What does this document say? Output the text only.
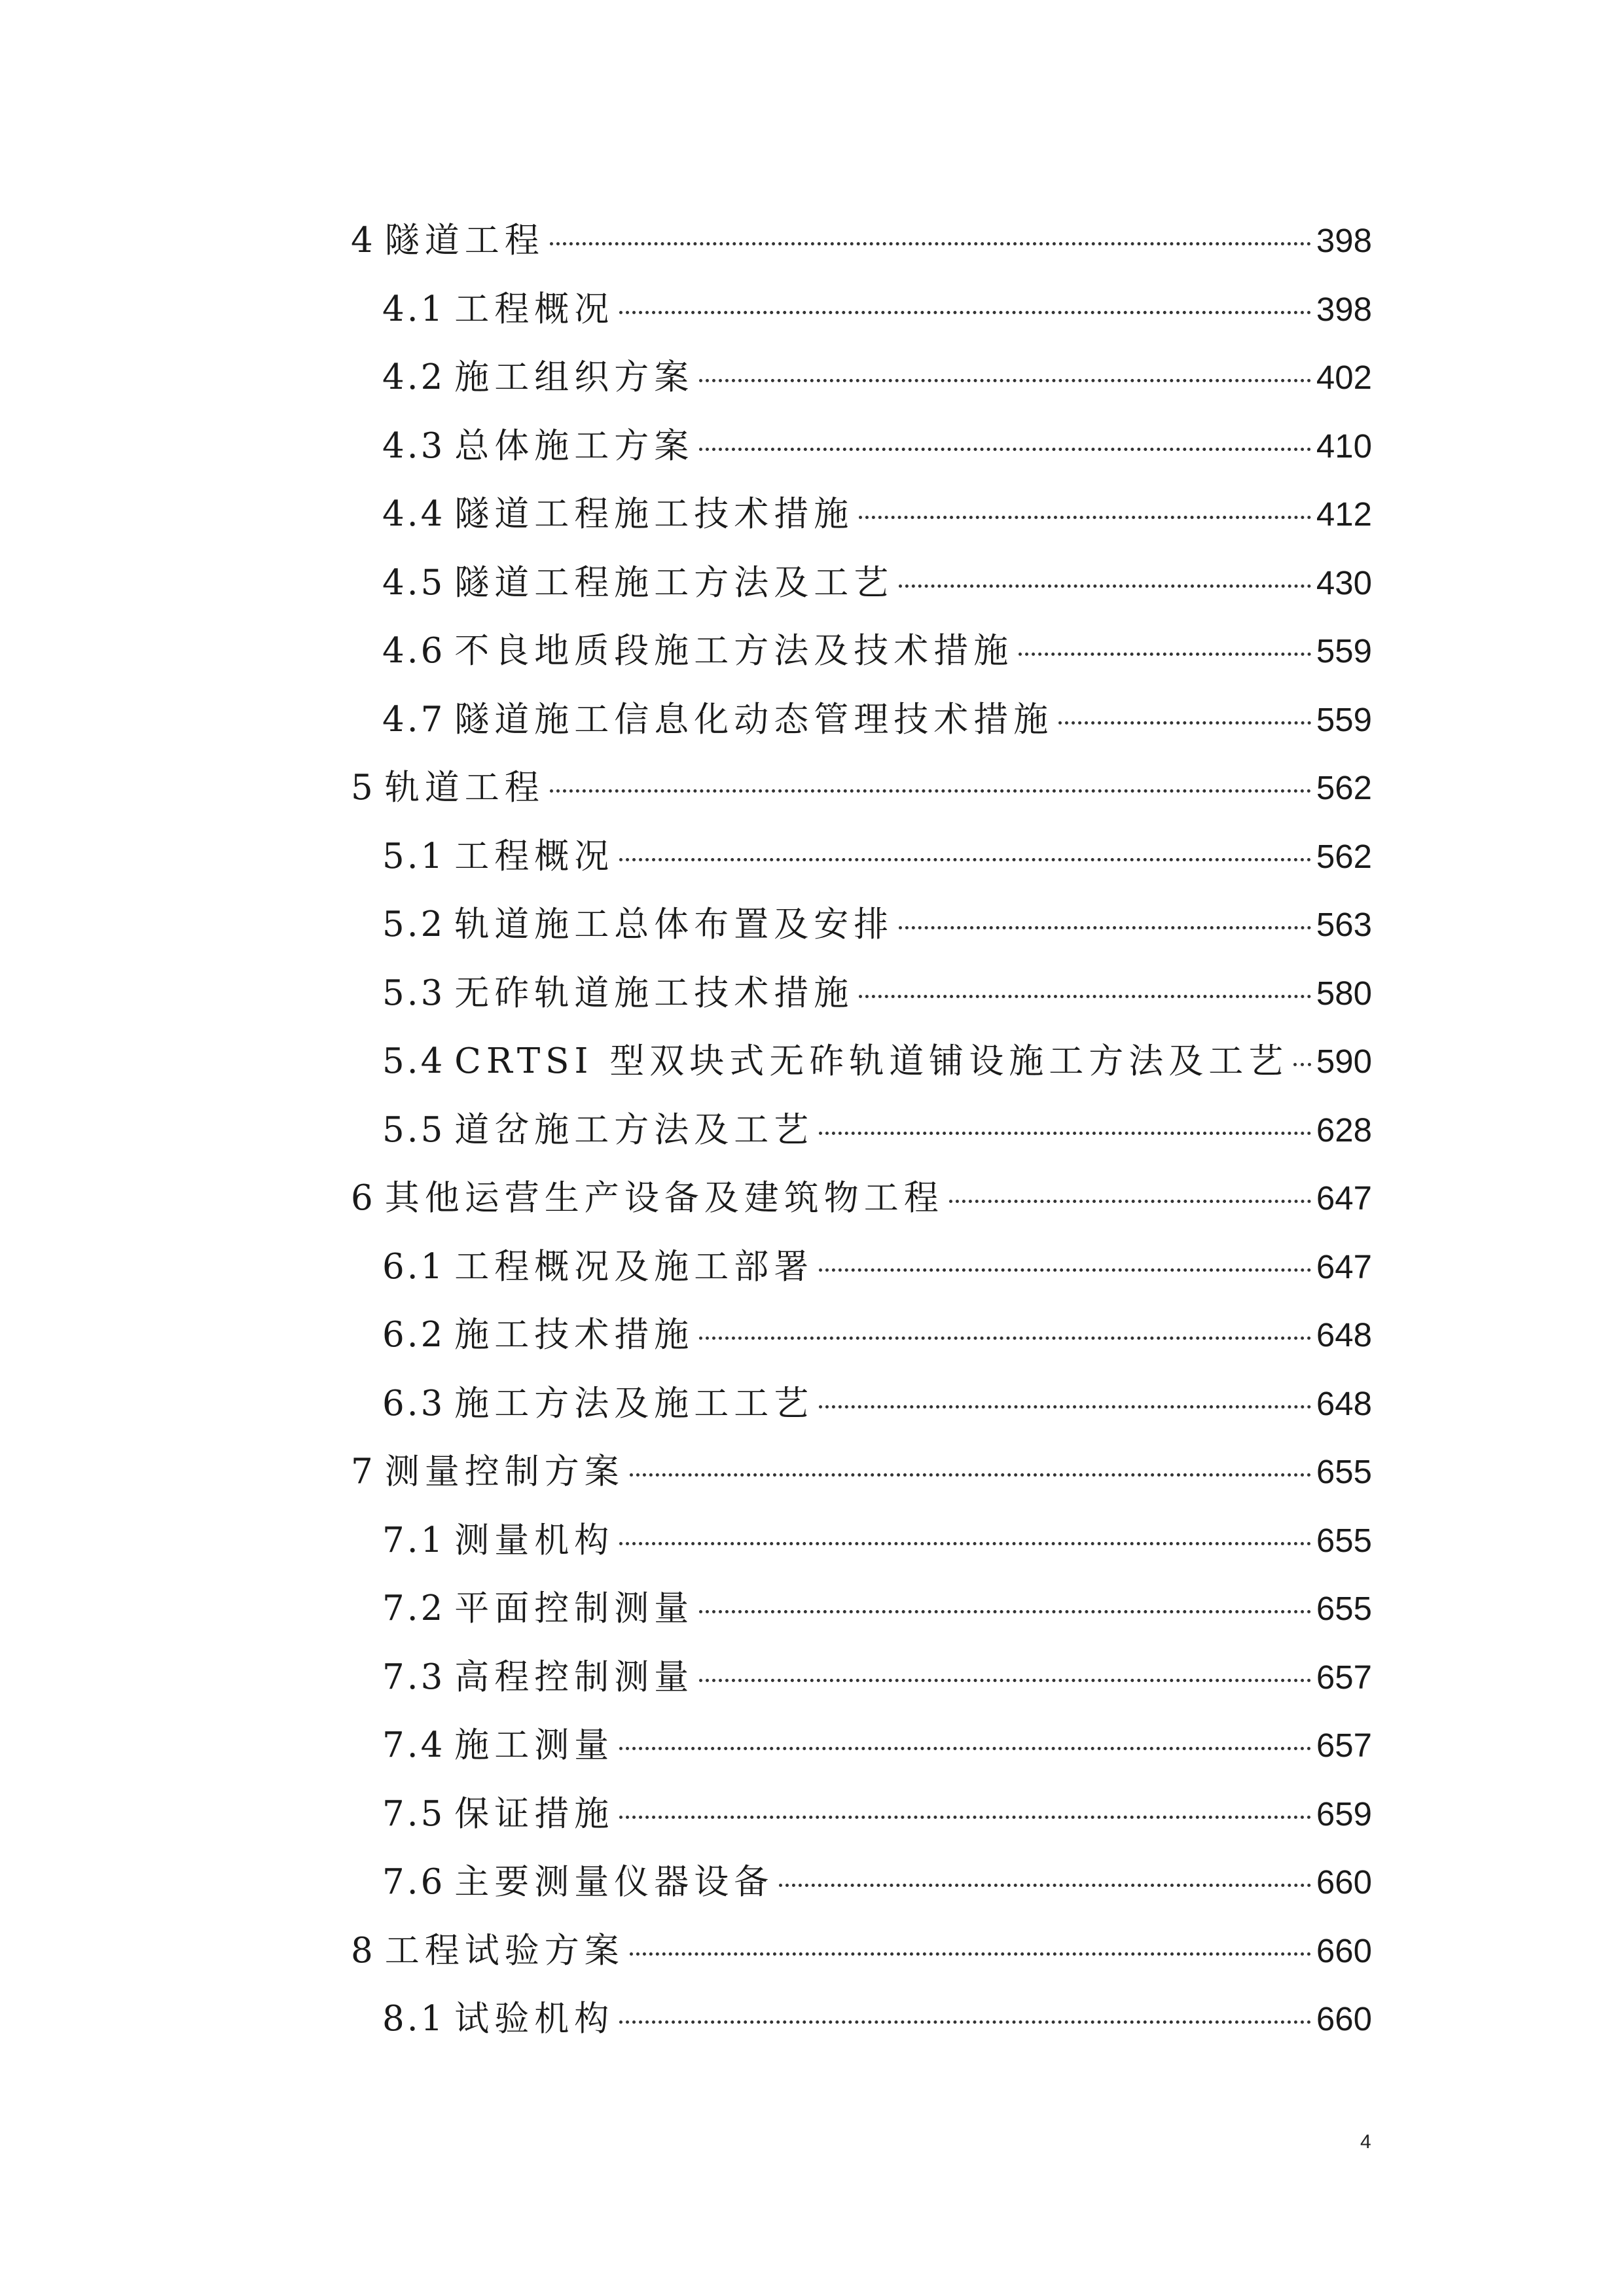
4 隧道工程	398
4.1 工程概况	398
4.2 施工组织方案	402
4.3 总体施工方案	410
4.4 隧道工程施工技术措施	412
4.5 隧道工程施工方法及工艺	430
4.6 不良地质段施工方法及技术措施	559
4.7 隧道施工信息化动态管理技术措施	559
5 轨道工程	562
5.1 工程概况	562
5.2 轨道施工总体布置及安排	563
5.3 无砟轨道施工技术措施	580
5.4 CRTSI 型双块式无砟轨道铺设施工方法及工艺 590
5.5 道岔施工方法及工艺	628
6 其他运营生产设备及建筑物工程	647
6.1 工程概况及施工部署	647
6.2 施工技术措施	648
6.3 施工方法及施工工艺	648
7 测量控制方案	655
7.1 测量机构	655
7.2 平面控制测量	655
7.3 高程控制测量	657
7.4 施工测量	657
7.5 保证措施	659
7.6 主要测量仪器设备	660
8 工程试验方案	660
8.1 试验机构	660
4
